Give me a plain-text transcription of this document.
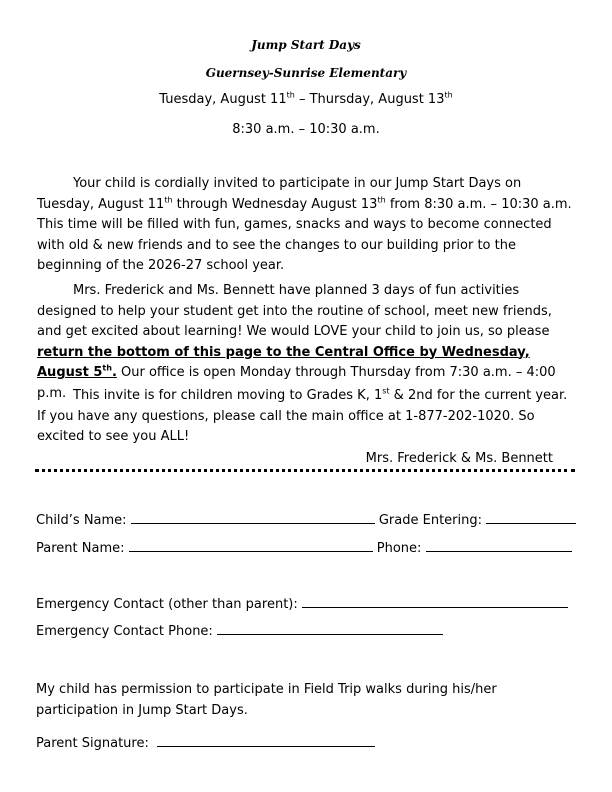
Jump Start Days
Guernsey-Sunrise Elementary
Tuesday, August 11th – Thursday, August 13th
8:30 a.m. – 10:30 a.m.

Your child is cordially invited to participate in our Jump Start Days on Tuesday, August 11th through Wednesday August 13th from 8:30 a.m. – 10:30 a.m. This time will be filled with fun, games, snacks and ways to become connected with old & new friends and to see the changes to our building prior to the beginning of the 2026-27 school year.

Mrs. Frederick and Ms. Bennett have planned 3 days of fun activities designed to help your student get into the routine of school, meet new friends, and get excited about learning! We would LOVE your child to join us, so please return the bottom of this page to the Central Office by Wednesday, August 5th. Our office is open Monday through Thursday from 7:30 a.m. – 4:00 p.m. This invite is for children moving to Grades K, 1st & 2nd for the current year. If you have any questions, please call the main office at 1-877-202-1020. So excited to see you ALL!

Mrs. Frederick & Ms. Bennett
Child’s Name:	Grade Entering:
Parent Name:	Phone:
Emergency Contact (other than parent):
Emergency Contact Phone:

My child has permission to participate in Field Trip walks during his/her participation in Jump Start Days.

Parent Signature:
